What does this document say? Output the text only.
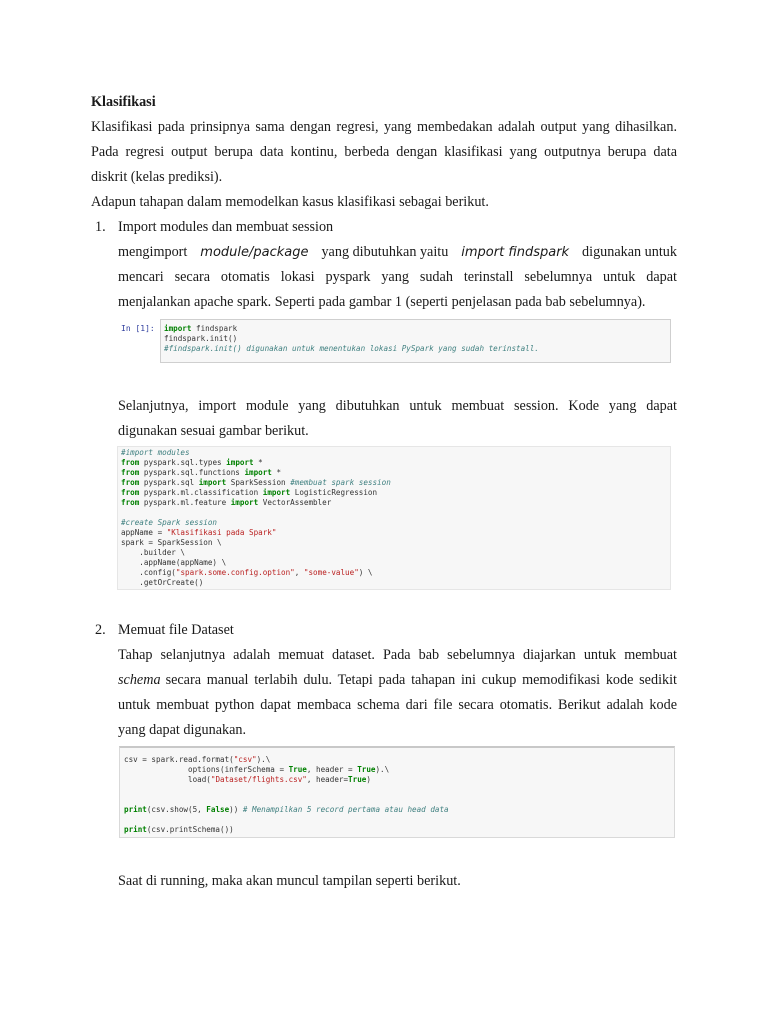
Klasifikasi

Klasifikasi pada prinsipnya sama dengan regresi, yang membedakan adalah output yang dihasilkan.

Pada regresi output berupa data kontinu, berbeda dengan klasifikasi yang outputnya berupa data

diskrit (kelas prediksi).

Adapun tahapan dalam memodelkan kasus klasifikasi sebagai berikut.

1. Import modules dan membuat session

mengimport module/package yang dibutuhkan yaitu import findspark digunakan untuk

mencari secara otomatis lokasi pyspark yang sudah terinstall sebelumnya untuk dapat

menjalankan apache spark. Seperti pada gambar 1 (seperti penjelasan pada bab sebelumnya).

In [1]: import findspark
findspark.init()
#findspark.init() digunakan untuk menentukan lokasi PySpark yang sudah terinstall.

Selanjutnya, import module yang dibutuhkan untuk membuat session. Kode yang dapat

digunakan sesuai gambar berikut.

#import modules
from pyspark.sql.types import *
from pyspark.sql.functions import *
from pyspark.sql import SparkSession #membuat spark session
from pyspark.ml.classification import LogisticRegression
from pyspark.ml.feature import VectorAssembler

#create Spark session
appName = "Klasifikasi pada Spark"
spark = SparkSession \
.builder \
.appName(appName) \
.config("spark.some.config.option", "some-value") \
.getOrCreate()
2. Memuat file Dataset

Tahap selanjutnya adalah memuat dataset. Pada bab sebelumnya diajarkan untuk membuat

schema secara manual terlabih dulu. Tetapi pada tahapan ini cukup memodifikasi kode sedikit

untuk membuat python dapat membaca schema dari file secara otomatis. Berikut adalah kode

yang dapat digunakan.

csv = spark.read.format("csv").\
options(inferSchema = True, header = True).\
load("Dataset/flights.csv", header=True)

print(csv.show(5, False)) # Menampilkan 5 record pertama atau head data

print(csv.printSchema())

Saat di running, maka akan muncul tampilan seperti berikut.
